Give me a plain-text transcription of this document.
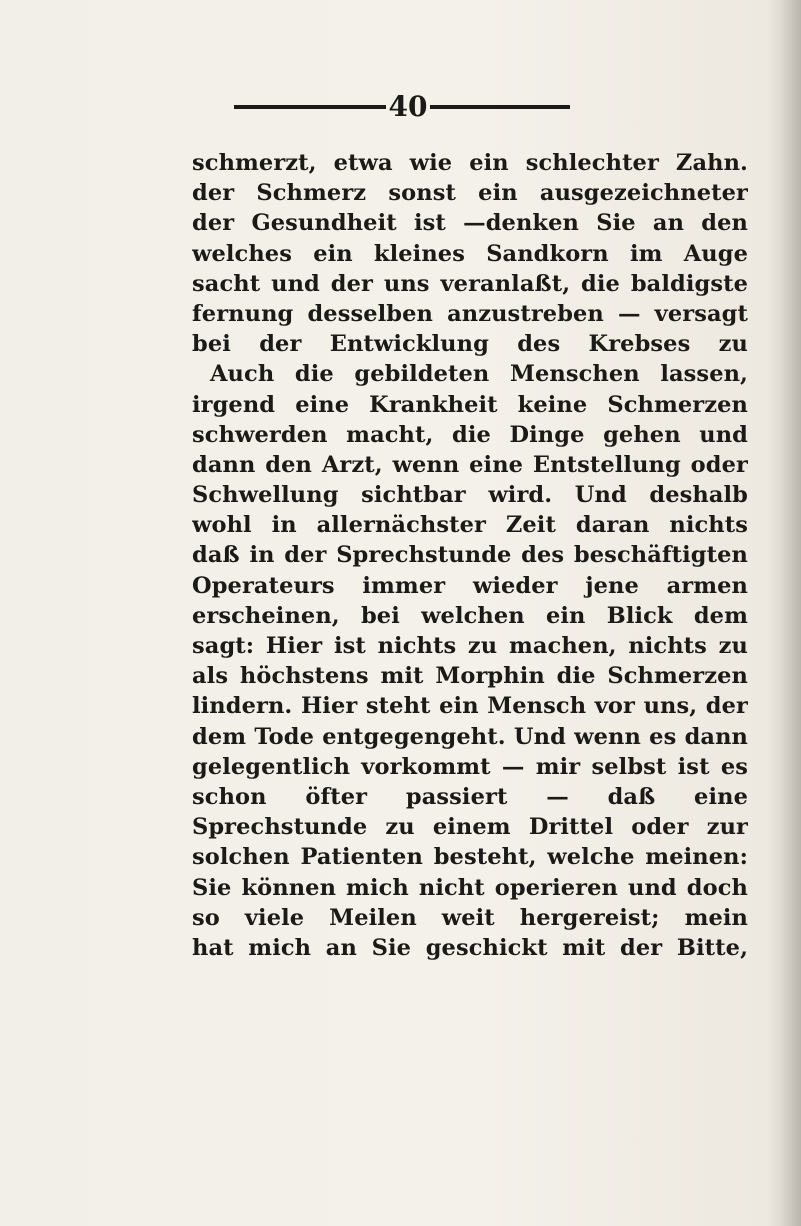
40
schmerzt, etwa wie ein schlechter Zahn.
der Schmerz sonst ein ausgezeichneter
der Gesundheit ist —denken Sie an den
welches ein kleines Sandkorn im Auge
sacht und der uns veranlaßt, die baldigste
fernung desselben anzustreben — versagt
bei der Entwicklung des Krebses zu
Auch die gebildeten Menschen lassen,
irgend eine Krankheit keine Schmerzen
schwerden macht, die Dinge gehen und
dann den Arzt, wenn eine Entstellung oder
Schwellung sichtbar wird. Und deshalb
wohl in allernächster Zeit daran nichts
daß in der Sprechstunde des beschäftigten
Operateurs immer wieder jene armen
erscheinen, bei welchen ein Blick dem
sagt: Hier ist nichts zu machen, nichts zu
als höchstens mit Morphin die Schmerzen
lindern. Hier steht ein Mensch vor uns, der
dem Tode entgegengeht. Und wenn es dann
gelegentlich vorkommt — mir selbst ist es
schon öfter passiert — daß eine
Sprechstunde zu einem Drittel oder zur
solchen Patienten besteht, welche meinen:
Sie können mich nicht operieren und doch
so viele Meilen weit hergereist; mein
hat mich an Sie geschickt mit der Bitte,
